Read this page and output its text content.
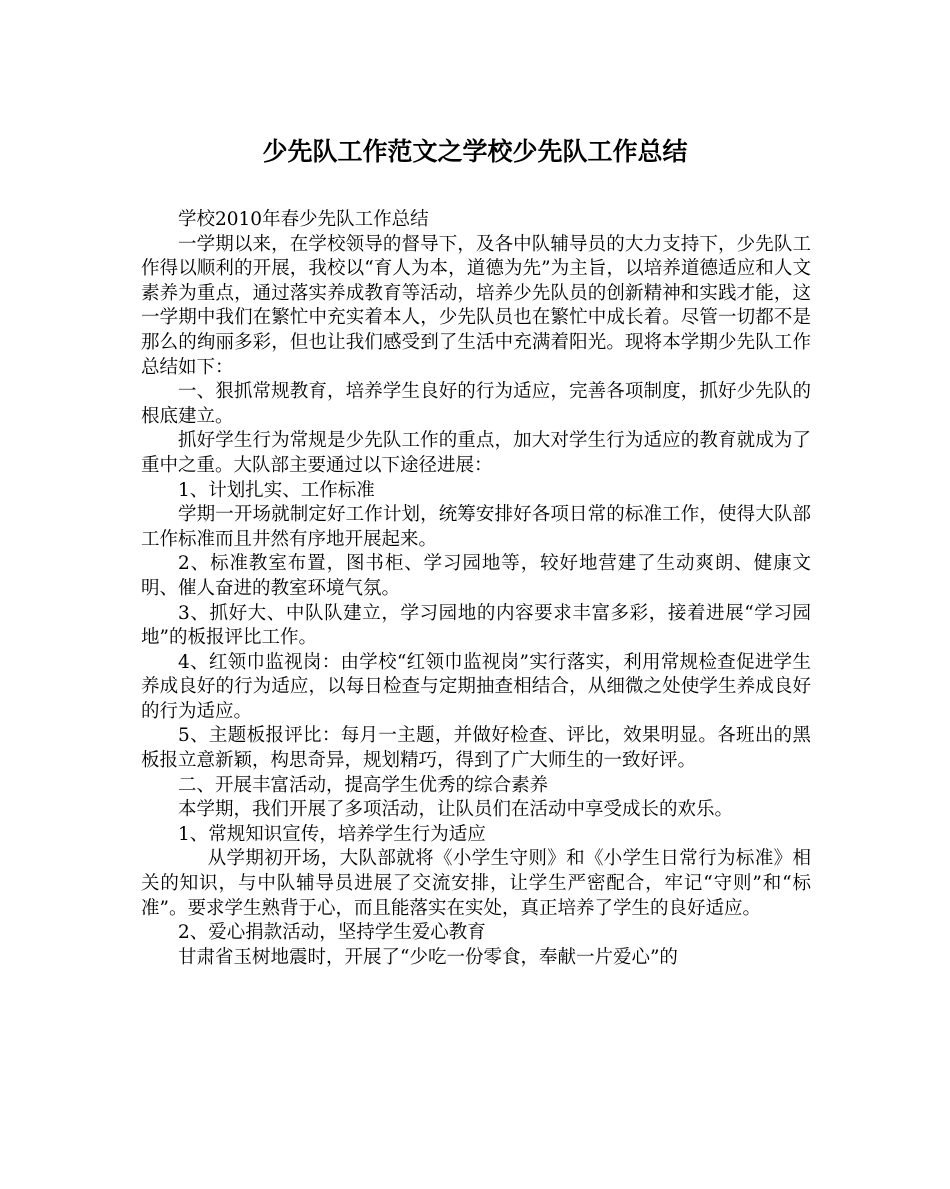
少先队工作范文之学校少先队工作总结

学校2010年春少先队工作总结

一学期以来，在学校领导的督导下，及各中队辅导员的大力支持下，少先队工作得以顺利的开展，我校以“育人为本，道德为先”为主旨，以培养道德适应和人文素养为重点，通过落实养成教育等活动，培养少先队员的创新精神和实践才能，这一学期中我们在繁忙中充实着本人，少先队员也在繁忙中成长着。尽管一切都不是那么的绚丽多彩，但也让我们感受到了生活中充满着阳光。现将本学期少先队工作总结如下：

一、狠抓常规教育，培养学生良好的行为适应，完善各项制度，抓好少先队的根底建立。

抓好学生行为常规是少先队工作的重点，加大对学生行为适应的教育就成为了重中之重。大队部主要通过以下途径进展：

1、计划扎实、工作标准

学期一开场就制定好工作计划，统筹安排好各项日常的标准工作，使得大队部工作标准而且井然有序地开展起来。

2、标准教室布置，图书柜、学习园地等，较好地营建了生动爽朗、健康文明、催人奋进的教室环境气氛。

3、抓好大、中队队建立，学习园地的内容要求丰富多彩，接着进展“学习园地”的板报评比工作。

4、红领巾监视岗：由学校“红领巾监视岗”实行落实，利用常规检查促进学生养成良好的行为适应，以每日检查与定期抽查相结合，从细微之处使学生养成良好的行为适应。

5、主题板报评比：每月一主题，并做好检查、评比，效果明显。各班出的黑板报立意新颖，构思奇异，规划精巧，得到了广大师生的一致好评。

二、开展丰富活动，提高学生优秀的综合素养

本学期，我们开展了多项活动，让队员们在活动中享受成长的欢乐。

1、常规知识宣传，培养学生行为适应

从学期初开场，大队部就将《小学生守则》和《小学生日常行为标准》相关的知识，与中队辅导员进展了交流安排，让学生严密配合，牢记“守则”和“标准”。要求学生熟背于心，而且能落实在实处，真正培养了学生的良好适应。

2、爱心捐款活动，坚持学生爱心教育

甘肃省玉树地震时，开展了“少吃一份零食，奉献一片爱心”的
